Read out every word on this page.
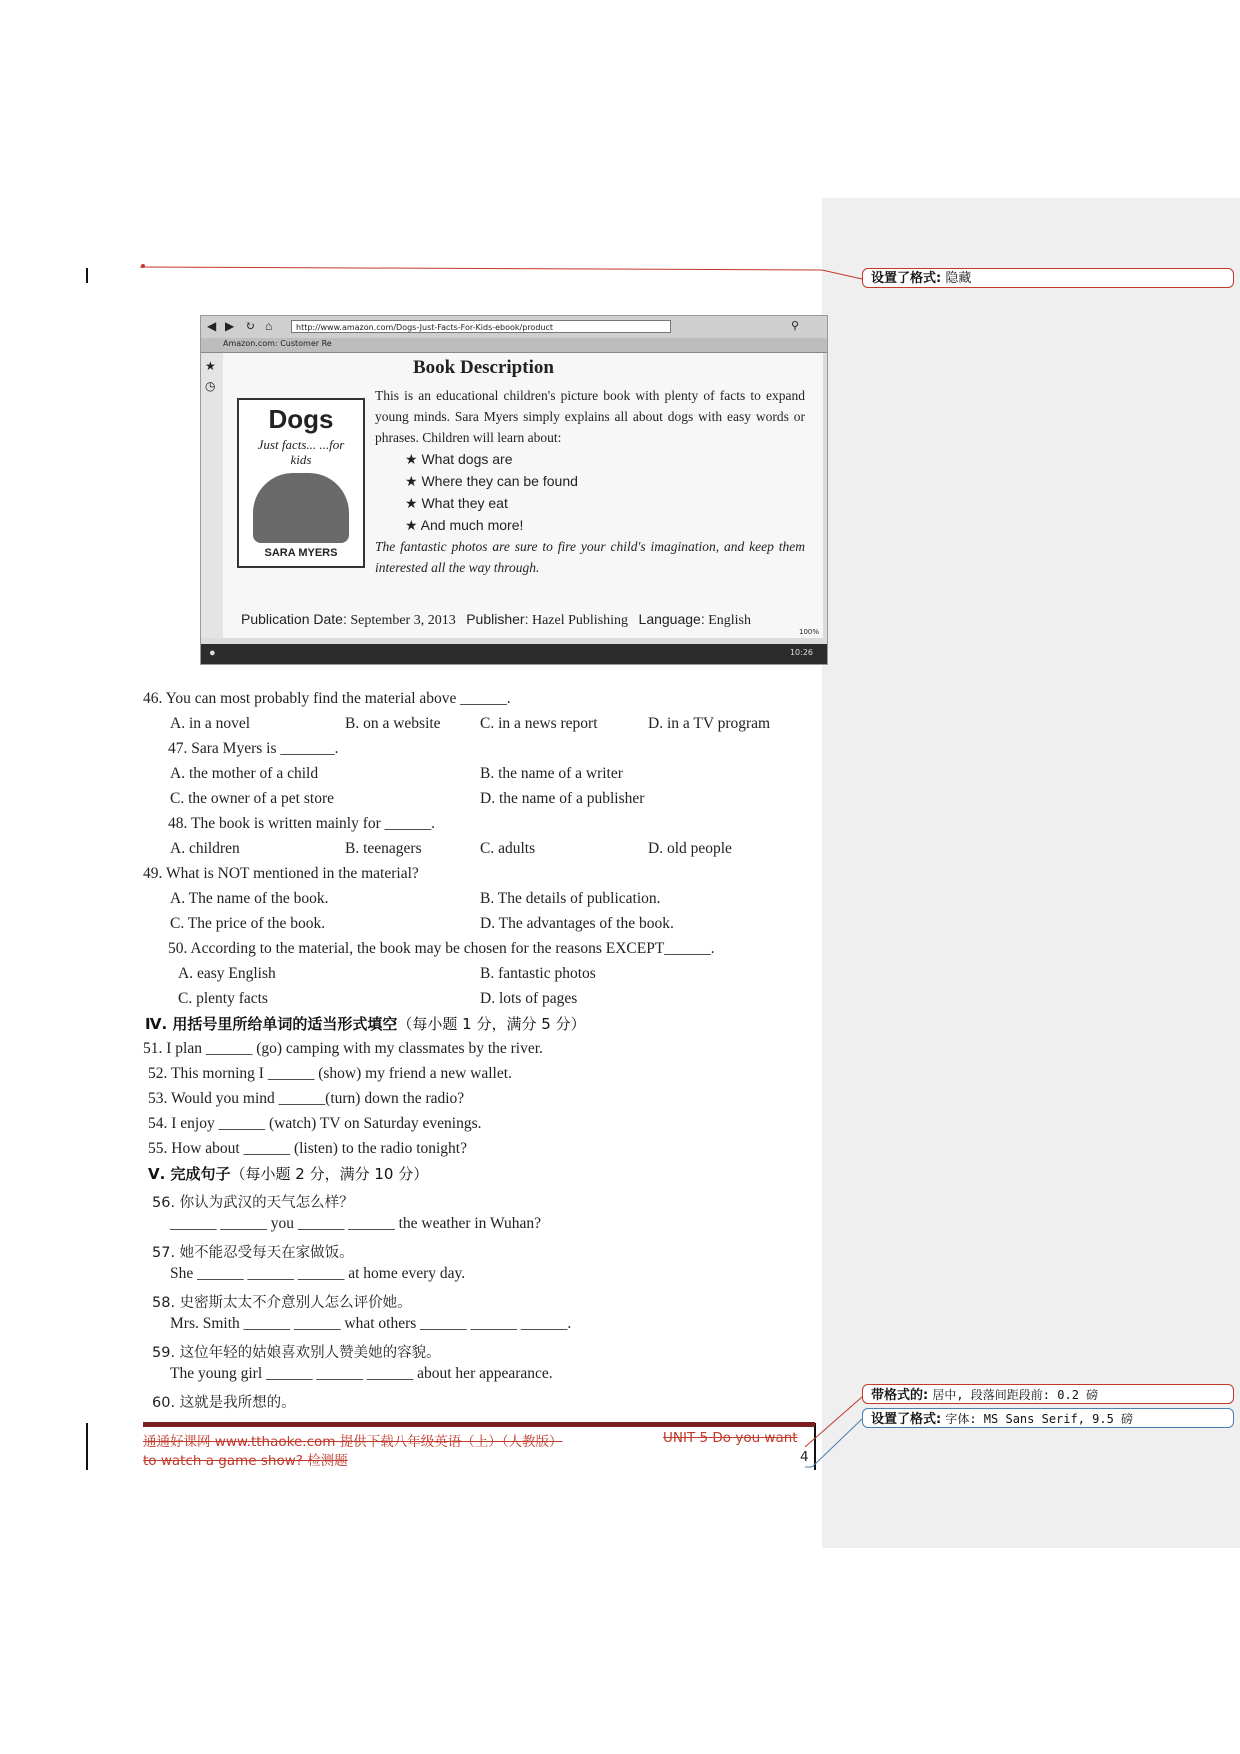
设置了格式: 隐藏
带格式的: 居中, 段落间距段前: 0.2 磅
设置了格式: 字体: MS Sans Serif, 9.5 磅
◀ ▶ ↻ ⌂	http://www.amazon.com/Dogs-Just-Facts-For-Kids-ebook/product	⚲
Amazon.com: Customer Re
★
◷
Book Description
Dogs
Just facts... ...for kids
SARA MYERS
This is an educational children's picture book with plenty of facts to expand young minds. Sara Myers simply explains all about dogs with easy words or phrases. Children will learn about:
★ What dogs are
★ Where they can be found
★ What they eat
★ And much more!
The fantastic photos are sure to fire your child's imagination, and keep them interested all the way through.
Publication Date: September 3, 2013 Publisher: Hazel Publishing Language: English
100%
●	10:26
46. You can most probably find the material above ______.
A. in a novel	B. on a website	C. in a news report	D. in a TV program
47. Sara Myers is _______.
A. the mother of a child	B. the name of a writer
C. the owner of a pet store	D. the name of a publisher
48. The book is written mainly for ______.
A. children	B. teenagers	C. adults	D. old people
49. What is NOT mentioned in the material?
A. The name of the book.	B. The details of publication.
C. The price of the book.	D. The advantages of the book.
50. According to the material, the book may be chosen for the reasons EXCEPT______.
A. easy English	B. fantastic photos
C. plenty facts	D. lots of pages
Ⅳ. 用括号里所给单词的适当形式填空（每小题 1 分，满分 5 分）
51. I plan ______ (go) camping with my classmates by the river.
52. This morning I ______ (show) my friend a new wallet.
53. Would you mind ______(turn) down the radio?
54. I enjoy ______ (watch) TV on Saturday evenings.
55. How about ______ (listen) to the radio tonight?
Ⅴ. 完成句子（每小题 2 分，满分 10 分）
56. 你认为武汉的天气怎么样？
______ ______ you ______ ______ the weather in Wuhan?
57. 她不能忍受每天在家做饭。
She ______ ______ ______ at home every day.
58. 史密斯太太不介意别人怎么评价她。
Mrs. Smith ______ ______ what others ______ ______ ______.
59. 这位年轻的姑娘喜欢别人赞美她的容貌。
The young girl ______ ______ ______ about her appearance.
60. 这就是我所想的。
通通好课网 www.tthaoke.com 提供下载八年级英语（上）（人教版）	UNIT 5 Do you want
to watch a game show? 检测题	4
